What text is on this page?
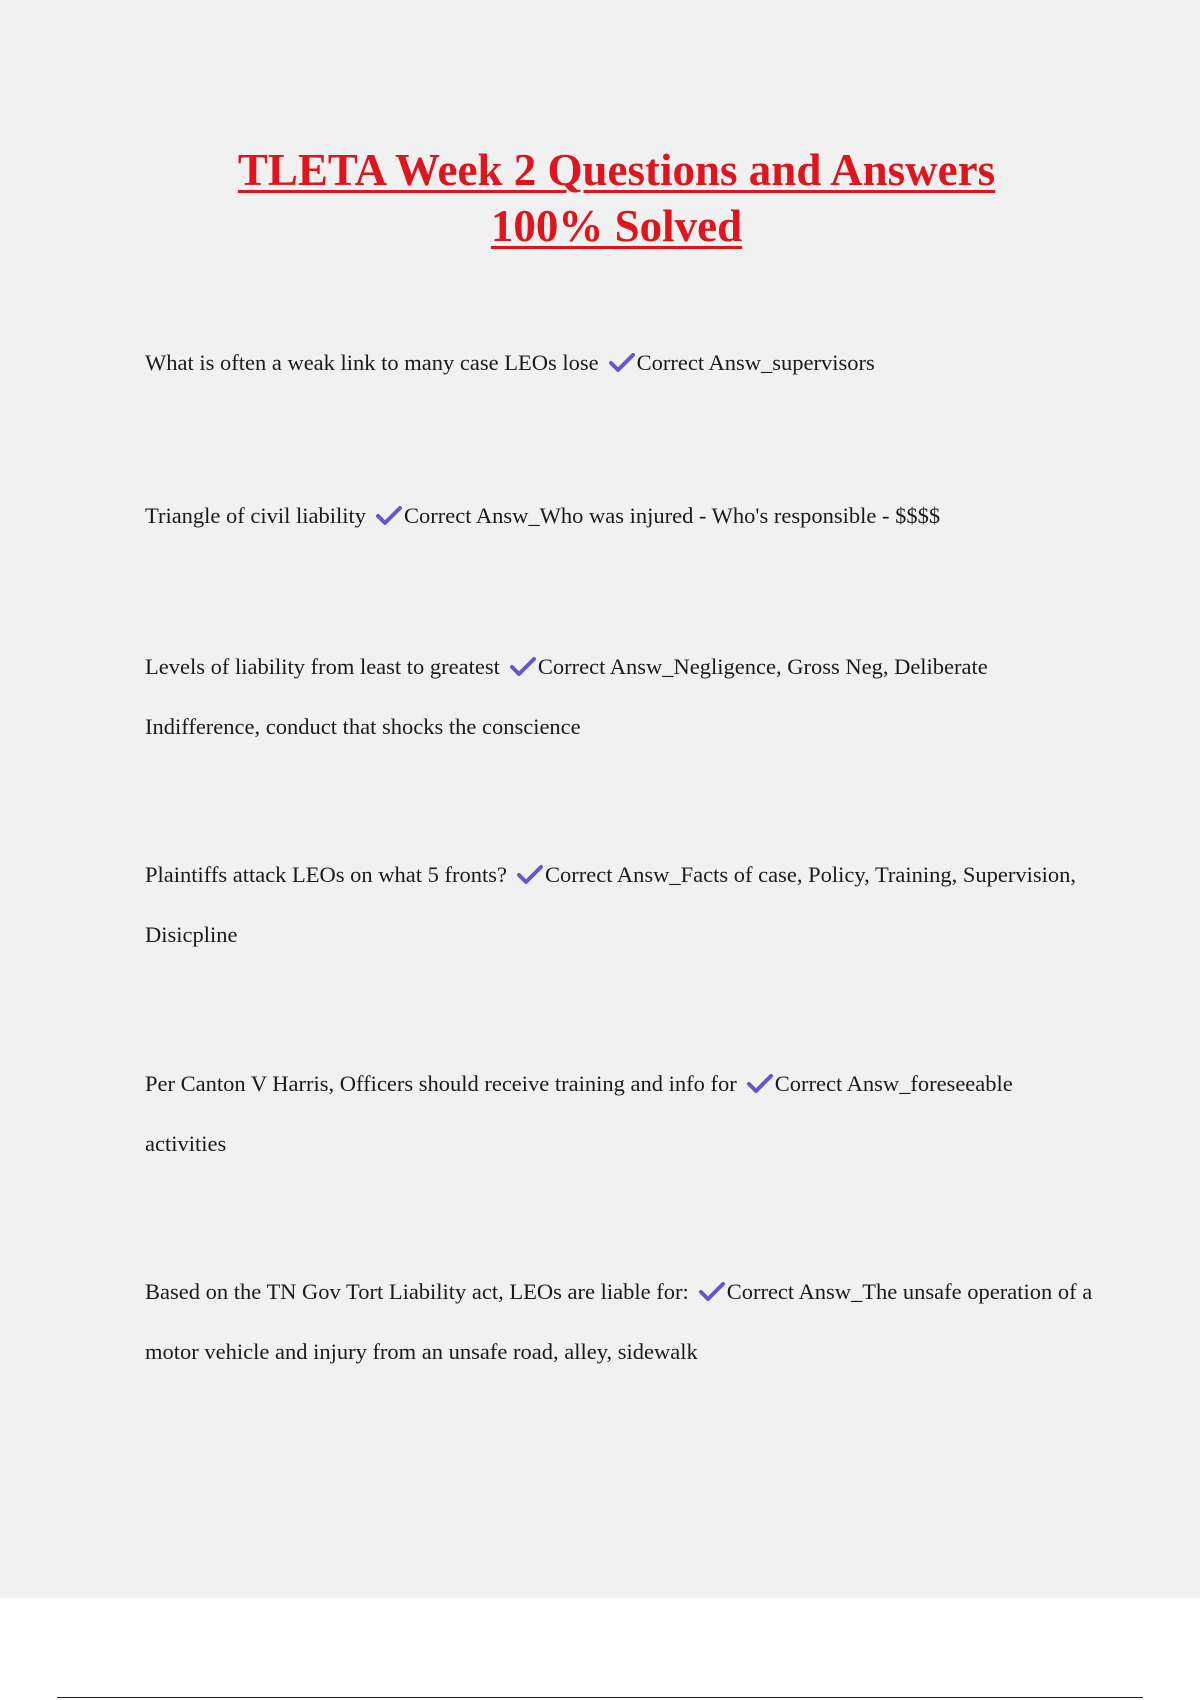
TLETA Week 2 Questions and Answers
100% Solved
What is often a weak link to many case LEOs lose Correct Answ_supervisors
Triangle of civil liability Correct Answ_Who was injured - Who's responsible - $$$$
Levels of liability from least to greatest Correct Answ_Negligence, Gross Neg, Deliberate Indifference, conduct that shocks the conscience
Plaintiffs attack LEOs on what 5 fronts? Correct Answ_Facts of case, Policy, Training, Supervision, Disicpline
Per Canton V Harris, Officers should receive training and info for Correct Answ_foreseeable activities
Based on the TN Gov Tort Liability act, LEOs are liable for: Correct Answ_The unsafe operation of a motor vehicle and injury from an unsafe road, alley, sidewalk
